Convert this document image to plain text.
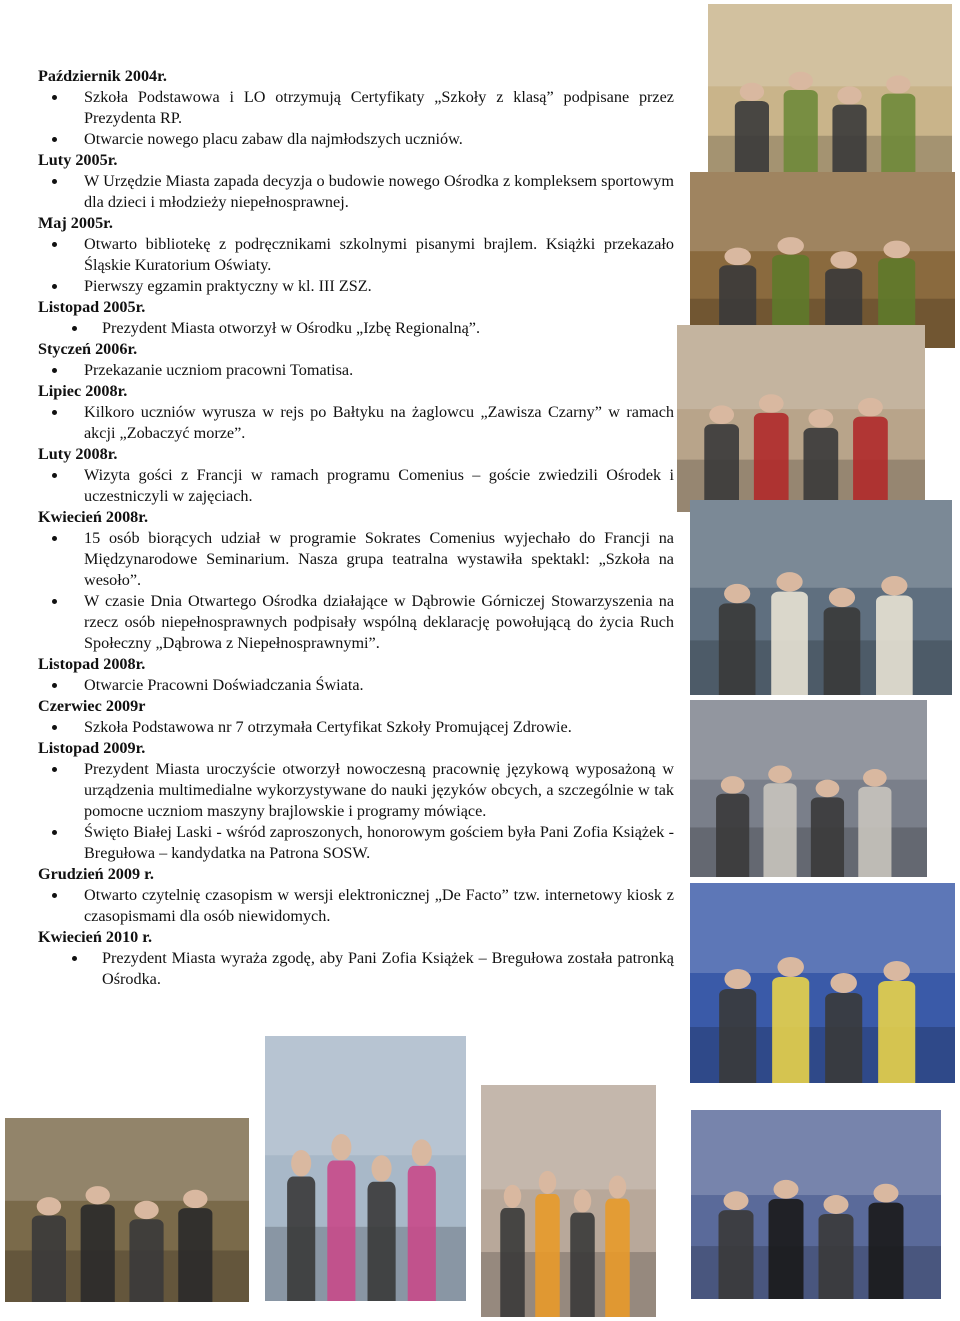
Październik 2004r.

Szkoła Podstawowa i LO otrzymują Certyfikaty „Szkoły z klasą” podpisane przez Prezydenta RP.
Otwarcie nowego placu zabaw dla najmłodszych uczniów.

Luty 2005r.

W Urzędzie Miasta zapada decyzja o budowie nowego Ośrodka z kompleksem sportowym dla dzieci i młodzieży niepełnosprawnej.

Maj 2005r.

Otwarto bibliotekę z podręcznikami szkolnymi pisanymi brajlem. Książki przekazało Śląskie Kuratorium Oświaty.
Pierwszy egzamin praktyczny w kl. III ZSZ.

Listopad 2005r.

Prezydent Miasta otworzył w Ośrodku „Izbę Regionalną”.

Styczeń 2006r.

Przekazanie uczniom pracowni Tomatisa.

Lipiec 2008r.

Kilkoro uczniów wyrusza w rejs po Bałtyku na żaglowcu „Zawisza Czarny” w ramach akcji „Zobaczyć morze”.

Luty 2008r.

Wizyta gości z Francji w ramach programu Comenius – goście zwiedzili Ośrodek i uczestniczyli w zajęciach.

Kwiecień 2008r.

15 osób biorących udział w programie Sokrates Comenius wyjechało do Francji na Międzynarodowe Seminarium. Nasza grupa teatralna wystawiła spektakl: „Szkoła na wesoło”.
W czasie Dnia Otwartego Ośrodka działające w Dąbrowie Górniczej Stowarzyszenia na rzecz osób niepełnosprawnych podpisały wspólną deklarację powołującą do życia Ruch Społeczny „Dąbrowa z Niepełnosprawnymi”.

Listopad 2008r.

Otwarcie Pracowni Doświadczania Świata.

Czerwiec 2009r

Szkoła Podstawowa nr 7 otrzymała Certyfikat Szkoły Promującej Zdrowie.

Listopad 2009r.

Prezydent Miasta uroczyście otworzył nowoczesną pracownię językową wyposażoną w urządzenia multimedialne wykorzystywane do nauki języków obcych, a szczególnie w tak pomocne uczniom maszyny brajlowskie i programy mówiące.
Święto Białej Laski - wśród zaproszonych, honorowym gościem była Pani Zofia Książek - Bregułowa – kandydatka na Patrona SOSW.

Grudzień 2009 r.

Otwarto czytelnię czasopism w wersji elektronicznej „De Facto” tzw. internetowy kiosk z czasopismami dla osób niewidomych.

Kwiecień 2010 r.

Prezydent Miasta wyraża zgodę, aby Pani Zofia Książek – Bregułowa została patronką Ośrodka.
